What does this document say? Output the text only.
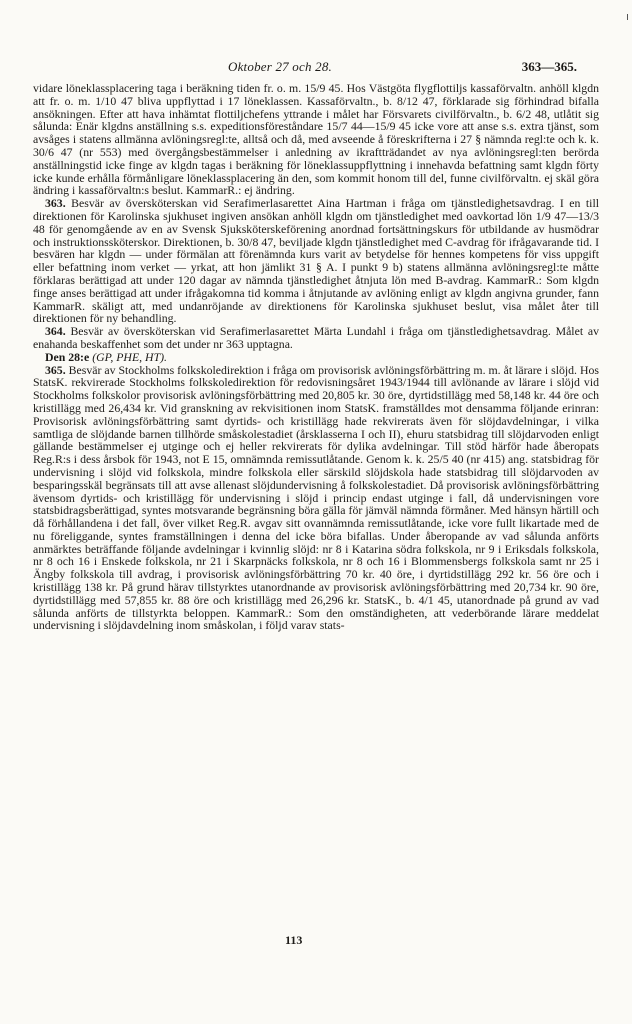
Oktober 27 och 28.	363—365.

vidare löneklassplacering taga i beräkning tiden fr. o. m. 15/9 45. Hos Västgöta flygflottiljs kassaförvaltn. anhöll klgdn att fr. o. m. 1/10 47 bliva uppflyttad i 17 löneklassen. Kassaförvaltn., b. 8/12 47, förklarade sig förhindrad bifalla ansökningen. Efter att hava inhämtat flottiljchefens yttrande i målet har Försvarets civilförvaltn., b. 6/2 48, utlåtit sig sålunda: Enär klgdns anställning s.s. expeditionsföreståndare 15/7 44—15/9 45 icke vore att anse s.s. extra tjänst, som avsåges i statens allmänna avlöningsregl:te, alltså och då, med avseende å föreskrifterna i 27 § nämnda regl:te och k. k. 30/6 47 (nr 553) med övergångsbestämmelser i anledning av ikraftträdandet av nya avlöningsregl:ten berörda anställningstid icke finge av klgdn tagas i beräkning för löneklassuppflyttning i innehavda befattning samt klgdn förty icke kunde erhålla förmånligare löneklassplacering än den, som kommit honom till del, funne civilförvaltn. ej skäl göra ändring i kassaförvaltn:s beslut. KammarR.: ej ändring.

363. Besvär av översköterskan vid Serafimerlasarettet Aina Hartman i fråga om tjänstledighetsavdrag. I en till direktionen för Karolinska sjukhuset ingiven ansökan anhöll klgdn om tjänstledighet med oavkortad lön 1/9 47—13/3 48 för genomgående av en av Svensk Sjuksköterskeförening anordnad fortsättningskurs för utbildande av husmödrar och instruktionssköterskor. Direktionen, b. 30/8 47, beviljade klgdn tjänstledighet med C-avdrag för ifrågavarande tid. I besvären har klgdn — under förmälan att förenämnda kurs varit av betydelse för hennes kompetens för viss uppgift eller befattning inom verket — yrkat, att hon jämlikt 31 § A. I punkt 9 b) statens allmänna avlöningsregl:te måtte förklaras berättigad att under 120 dagar av nämnda tjänstledighet åtnjuta lön med B-avdrag. KammarR.: Som klgdn finge anses berättigad att under ifrågakomna tid komma i åtnjutande av avlöning enligt av klgdn angivna grunder, fann KammarR. skäligt att, med undanröjande av direktionens för Karolinska sjukhuset beslut, visa målet åter till direktionen för ny behandling.

364. Besvär av översköterskan vid Serafimerlasarettet Märta Lundahl i fråga om tjänstledighetsavdrag. Målet av enahanda beskaffenhet som det under nr 363 upptagna.

Den 28:e (GP, PHE, HT).

365. Besvär av Stockholms folkskoledirektion i fråga om provisorisk avlöningsförbättring m. m. åt lärare i slöjd. Hos StatsK. rekvirerade Stockholms folkskoledirektion för redovisningsåret 1943/1944 till avlönande av lärare i slöjd vid Stockholms folkskolor provisorisk avlöningsförbättring med 20,805 kr. 30 öre, dyrtidstillägg med 58,148 kr. 44 öre och kristillägg med 26,434 kr. Vid granskning av rekvisitionen inom StatsK. framställdes mot densamma följande erinran: Provisorisk avlöningsförbättring samt dyrtids- och kristillägg hade rekvirerats även för slöjdavdelningar, i vilka samtliga de slöjdande barnen tillhörde småskolestadiet (årsklasserna I och II), ehuru statsbidrag till slöjdarvoden enligt gällande bestämmelser ej utginge och ej heller rekvirerats för dylika avdelningar. Till stöd härför hade åberopats Reg.R:s i dess årsbok för 1943, not E 15, omnämnda remissutlåtande. Genom k. k. 25/5 40 (nr 415) ang. statsbidrag för undervisning i slöjd vid folkskola, mindre folkskola eller särskild slöjdskola hade statsbidrag till slöjdarvoden av besparingsskäl begränsats till att avse allenast slöjdundervisning å folkskolestadiet. Då provisorisk avlöningsförbättring ävensom dyrtids- och kristillägg för undervisning i slöjd i princip endast utginge i fall, då undervisningen vore statsbidragsberättigad, syntes motsvarande begränsning böra gälla för jämväl nämnda förmåner. Med hänsyn härtill och då förhållandena i det fall, över vilket Reg.R. avgav sitt ovannämnda remissutlåtande, icke vore fullt likartade med de nu föreliggande, syntes framställningen i denna del icke böra bifallas. Under åberopande av vad sålunda anförts anmärktes beträffande följande avdelningar i kvinnlig slöjd: nr 8 i Katarina södra folkskola, nr 9 i Eriksdals folkskola, nr 8 och 16 i Enskede folkskola, nr 21 i Skarpnäcks folkskola, nr 8 och 16 i Blommensbergs folkskola samt nr 25 i Ängby folkskola till avdrag, i provisorisk avlöningsförbättring 70 kr. 40 öre, i dyrtidstillägg 292 kr. 56 öre och i kristillägg 138 kr. På grund härav tillstyrktes utanordnande av provisorisk avlöningsförbättring med 20,734 kr. 90 öre, dyrtidstillägg med 57,855 kr. 88 öre och kristillägg med 26,296 kr. StatsK., b. 4/1 45, utanordnade på grund av vad sålunda anförts de tillstyrkta beloppen. KammarR.: Som den omständigheten, att vederbörande lärare meddelat undervisning i slöjdavdelning inom småskolan, i följd varav stats-

113
